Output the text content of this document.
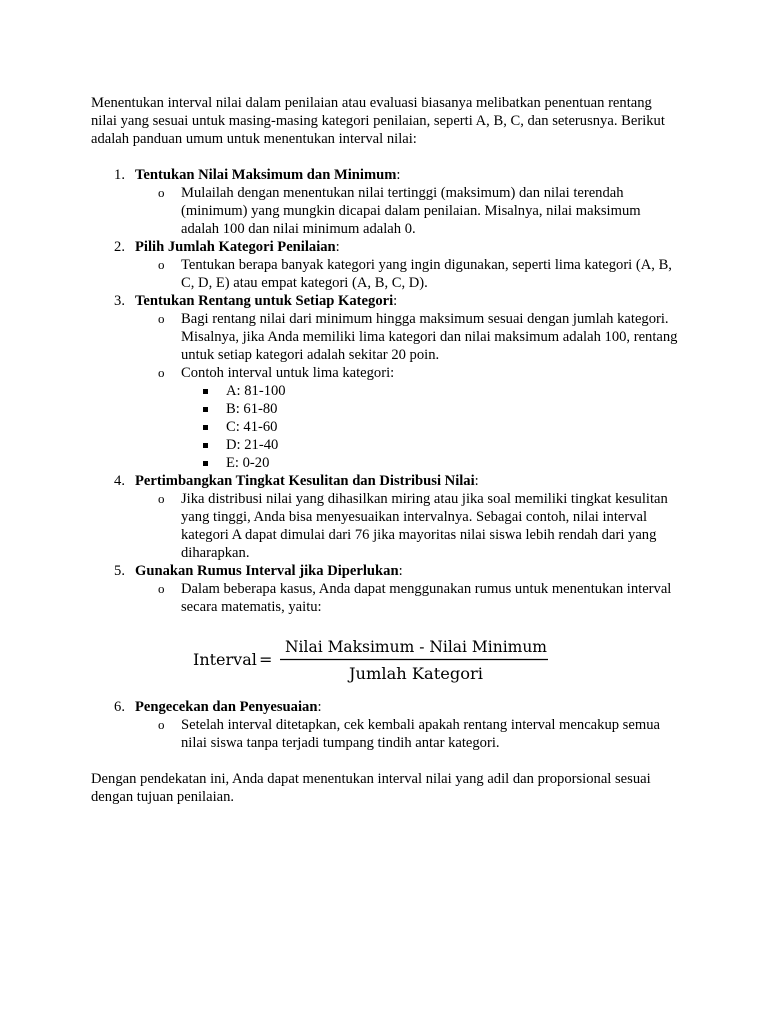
Menentukan interval nilai dalam penilaian atau evaluasi biasanya melibatkan penentuan rentang nilai yang sesuai untuk masing-masing kategori penilaian, seperti A, B, C, dan seterusnya. Berikut adalah panduan umum untuk menentukan interval nilai:

1. Tentukan Nilai Maksimum dan Minimum:
o Mulailah dengan menentukan nilai tertinggi (maksimum) dan nilai terendah (minimum) yang mungkin dicapai dalam penilaian. Misalnya, nilai maksimum adalah 100 dan nilai minimum adalah 0.
2. Pilih Jumlah Kategori Penilaian:
o Tentukan berapa banyak kategori yang ingin digunakan, seperti lima kategori (A, B, C, D, E) atau empat kategori (A, B, C, D).
3. Tentukan Rentang untuk Setiap Kategori:
o Bagi rentang nilai dari minimum hingga maksimum sesuai dengan jumlah kategori. Misalnya, jika Anda memiliki lima kategori dan nilai maksimum adalah 100, rentang untuk setiap kategori adalah sekitar 20 poin.
o Contoh interval untuk lima kategori:
A: 81-100
B: 61-80
C: 41-60
D: 21-40
E: 0-20
4. Pertimbangkan Tingkat Kesulitan dan Distribusi Nilai:
o Jika distribusi nilai yang dihasilkan miring atau jika soal memiliki tingkat kesulitan yang tinggi, Anda bisa menyesuaikan intervalnya. Sebagai contoh, nilai interval kategori A dapat dimulai dari 76 jika mayoritas nilai siswa lebih rendah dari yang diharapkan.
5. Gunakan Rumus Interval jika Diperlukan:
o Dalam beberapa kasus, Anda dapat menggunakan rumus untuk menentukan interval secara matematis, yaitu:
Interval =
Nilai Maksimum - Nilai Minimum
Jumlah Kategori
6. Pengecekan dan Penyesuaian:
o Setelah interval ditetapkan, cek kembali apakah rentang interval mencakup semua nilai siswa tanpa terjadi tumpang tindih antar kategori.

Dengan pendekatan ini, Anda dapat menentukan interval nilai yang adil dan proporsional sesuai dengan tujuan penilaian.
